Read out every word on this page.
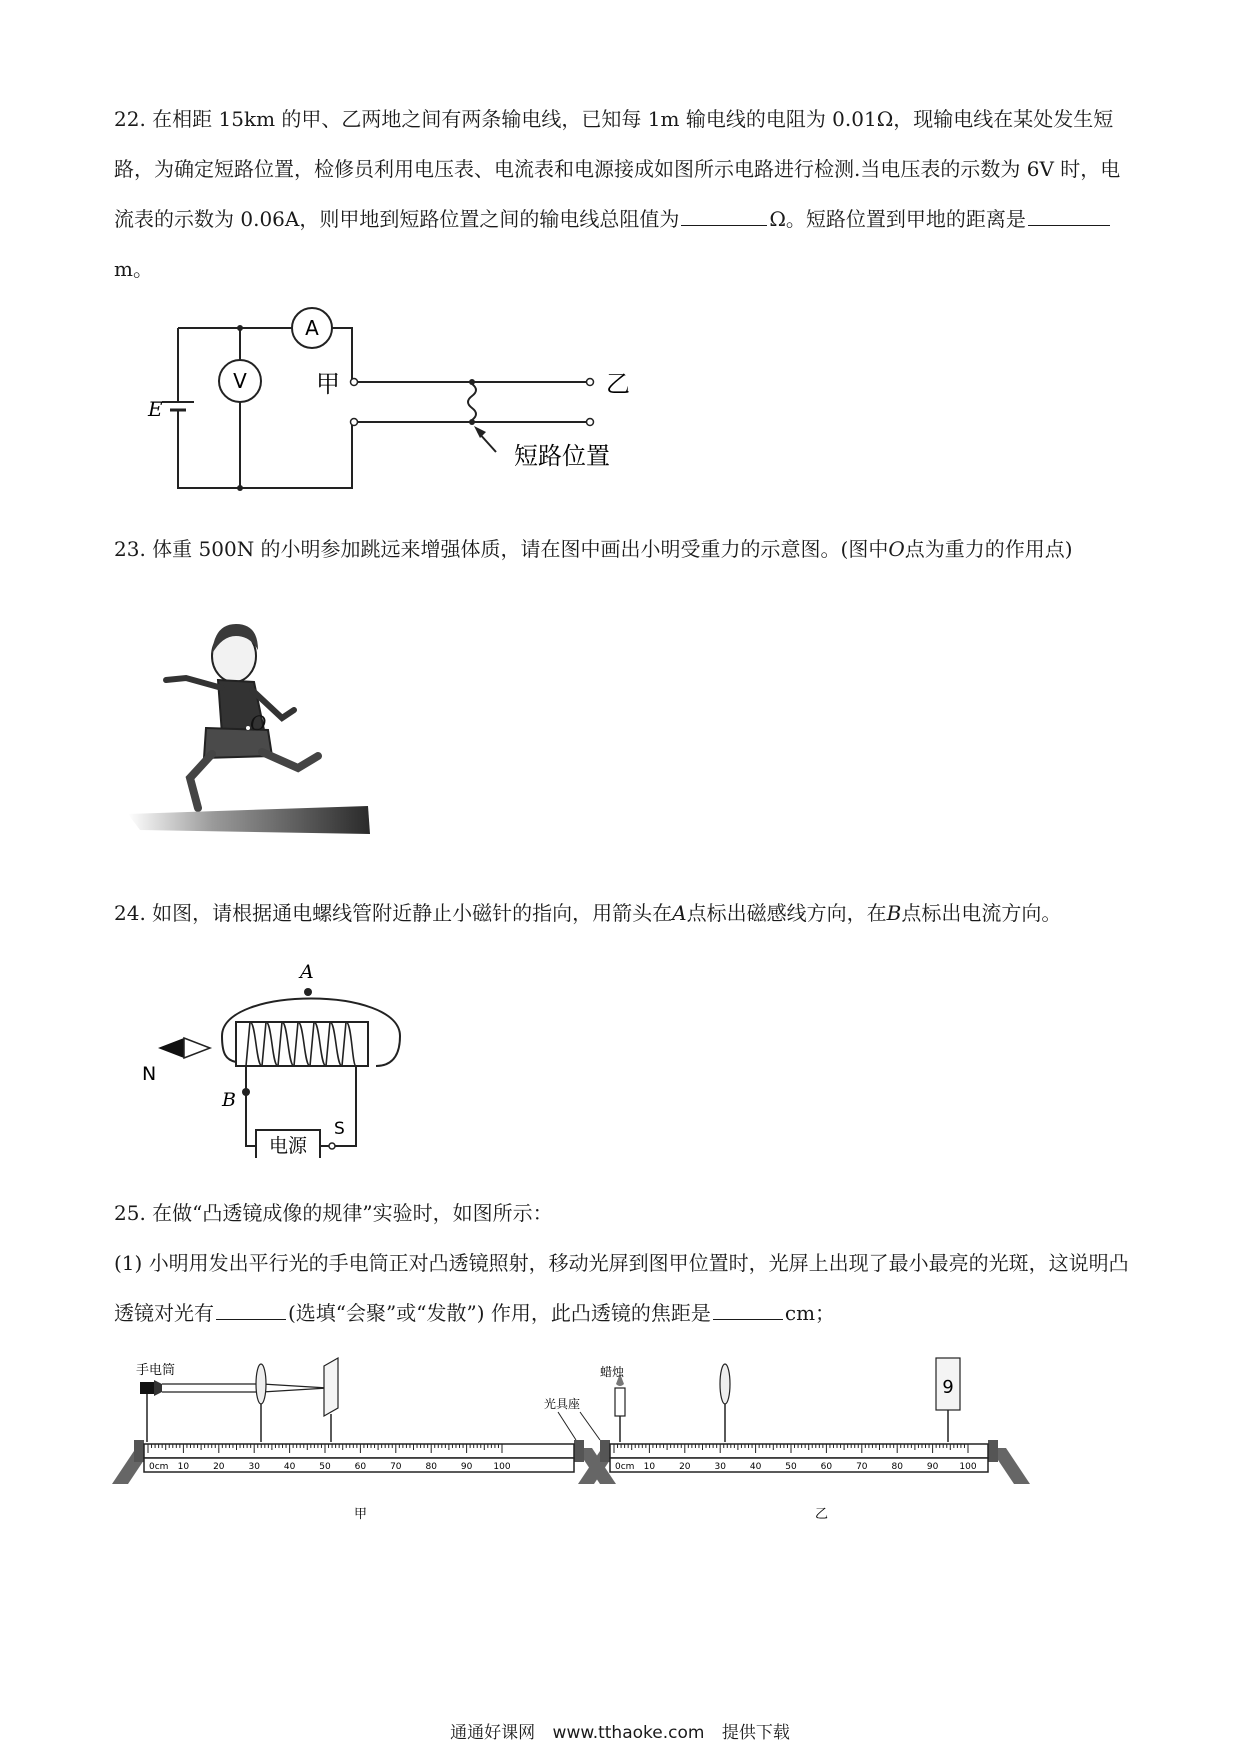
22. 在相距 15km 的甲、乙两地之间有两条输电线，已知每 1m 输电线的电阻为 0.01Ω，现输电线在某处发生短路，为确定短路位置，检修员利用电压表、电流表和电源接成如图所示电路进行检测.当电压表的示数为 6V 时，电流表的示数为 0.06A，则甲地到短路位置之间的输电线总阻值为	Ω。短路位置到甲地的距离是m。

E
A
V	甲	乙
短路位置

23. 体重 500N 的小明参加跳远来增强体质，请在图中画出小明受重力的示意图。(图中O点为重力的作用点)

O

24. 如图，请根据通电螺线管附近静止小磁针的指向，用箭头在A点标出磁感线方向，在B点标出电流方向。

A
B
N
电源
S

25. 在做“凸透镜成像的规律”实验时，如图所示：

(1) 小明用发出平行光的手电筒正对凸透镜照射，移动光屏到图甲位置时，光屏上出现了最小最亮的光斑，这说明凸透镜对光有	(选填“会聚”或“发散”) 作用，此凸透镜的焦距是	cm；

甲
手电筒
光具座
乙
蜡烛
6
0cm 10	20	30	40	50	60	70	80	90 100	0cm 10	20	30	40	50	60	70	80	90 100
通通好课网 www.tthaoke.com 提供下载
